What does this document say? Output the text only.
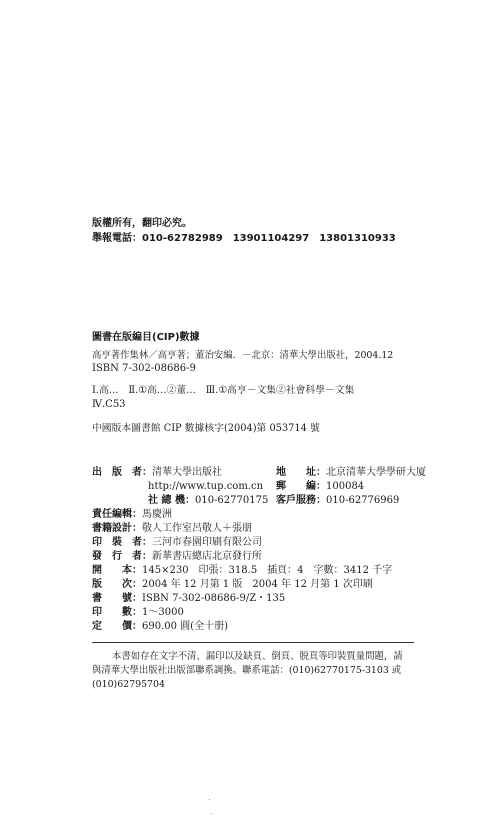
版權所有，翻印必究。
舉報電話：010-62782989　13901104297　13801310933
圖書在版編目(CIP)數據
高亨著作集林／高亨著；董治安編．－北京：清華大學出版社，2004.12
ISBN 7-302-08686-9
Ⅰ.高…　Ⅱ.①高…②董…　Ⅲ.①高亨－文集②社會科學－文集
Ⅳ.C53
中國版本圖書館 CIP 數據核字(2004)第 053714 號
出　版　者：清華大學出版社	地　　址：北京清華大學學研大厦
http://www.tup.com.cn 郵　　編：100084
社 總 機：010-62770175 客戶服務：010-62776969
責任編輯：馬慶洲
書籍設計：敬人工作室呂敬人＋張朋
印　裝　者：三河市春園印刷有限公司
發　行　者：新華書店總店北京發行所
開　　本：145×230　印張：318.5　插頁：4　字數：3412 千字
版　　次：2004 年 12 月第 1 版　2004 年 12 月第 1 次印刷
書　　號：ISBN 7-302-08686-9/Z・135
印　　數：1～3000
定　　價：690.00 圓(全十册)
本書如存在文字不清、漏印以及缺頁、倒頁、脱頁等印裝質量問題，請
與清華大學出版社出版部聯系調換。聯系電話：(010)62770175-3103 或
(010)62795704
